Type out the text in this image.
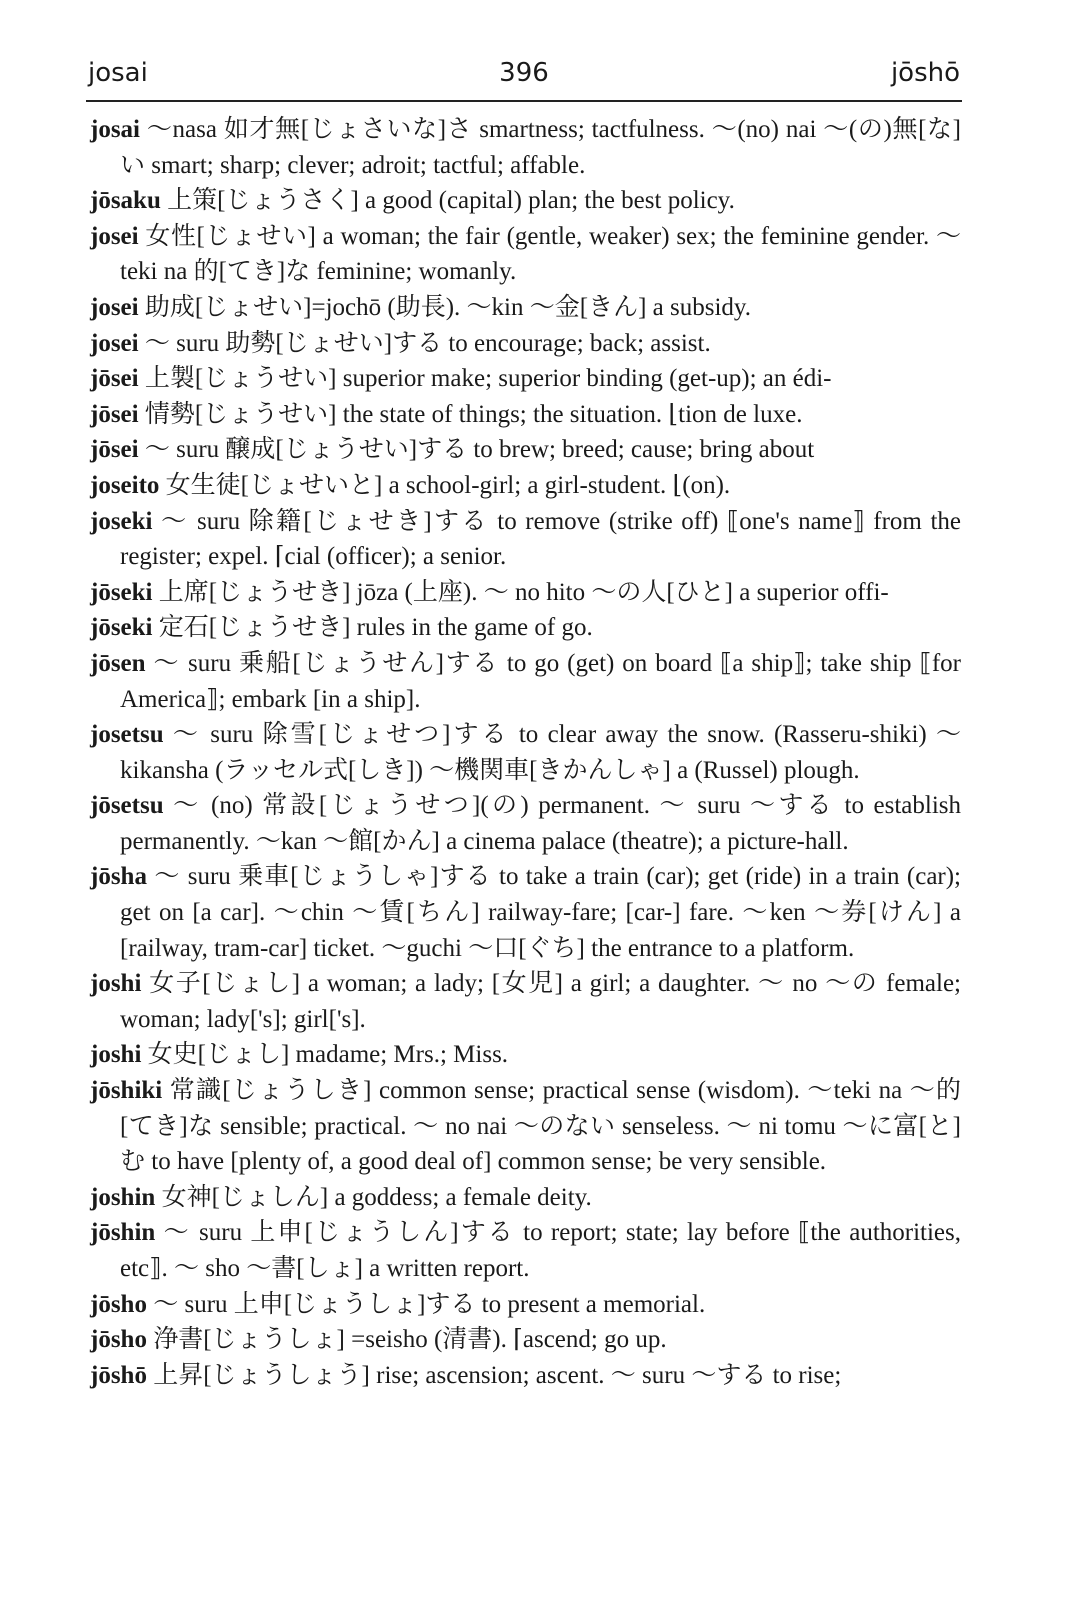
josai	396	jōshō

josai ～nasa 如才無[じょさいな]さ smartness; tactfulness. ～(no) nai ～(の)無[な]い smart; sharp; clever; adroit; tactful; affable.

jōsaku 上策[じょうさく] a good (capital) plan; the best policy.

josei 女性[じょせい] a woman; the fair (gentle, weaker) sex; the feminine gender. ～teki na 的[てき]な feminine; womanly.

josei 助成[じょせい]=jochō (助長). ～kin ～金[きん] a subsidy.

josei ～ suru 助勢[じょせい]する to encourage; back; assist.

jōsei 上製[じょうせい] superior make; superior binding (get-up); an édi-

jōsei 情勢[じょうせい] the state of things; the situation. ⌊tion de luxe.

jōsei ～ suru 醸成[じょうせい]する to brew; breed; cause; bring about

joseito 女生徒[じょせいと] a school-girl; a girl-student. ⌊(on).

joseki ～ suru 除籍[じょせき]する to remove (strike off) ⟦one's name⟧ from the register; expel. ⌈cial (officer); a senior.

jōseki 上席[じょうせき] jōza (上座). ～ no hito ～の人[ひと] a superior offi-

jōseki 定石[じょうせき] rules in the game of go.

jōsen ～ suru 乗船[じょうせん]する to go (get) on board ⟦a ship⟧; take ship ⟦for America⟧; embark [in a ship].

josetsu ～ suru 除雪[じょせつ]する to clear away the snow. (Rasseru-shiki) ～kikansha (ラッセル式[しき]) ～機関車[きかんしゃ] a (Russel) plough.

jōsetsu ～ (no) 常設[じょうせつ](の) permanent. ～ suru ～する to establish permanently. ～kan ～館[かん] a cinema palace (theatre); a picture-hall.

jōsha ～ suru 乗車[じょうしゃ]する to take a train (car); get (ride) in a train (car); get on [a car]. ～chin ～賃[ちん] railway-fare; [car-] fare. ～ken ～券[けん] a [railway, tram-car] ticket. ～guchi ～口[ぐち] the entrance to a platform.

joshi 女子[じょし] a woman; a lady; [女児] a girl; a daughter. ～ no ～の female; woman; lady['s]; girl['s].

joshi 女史[じょし] madame; Mrs.; Miss.

jōshiki 常識[じょうしき] common sense; practical sense (wisdom). ～teki na ～的[てき]な sensible; practical. ～ no nai ～のない senseless. ～ ni tomu ～に富[と]む to have [plenty of, a good deal of] common sense; be very sensible.

joshin 女神[じょしん] a goddess; a female deity.

jōshin ～ suru 上申[じょうしん]する to report; state; lay before ⟦the authorities, etc⟧. ～ sho ～書[しょ] a written report.

jōsho ～ suru 上申[じょうしょ]する to present a memorial.

jōsho 浄書[じょうしょ] =seisho (清書). ⌈ascend; go up.

jōshō 上昇[じょうしょう] rise; ascension; ascent. ～ suru ～する to rise;
